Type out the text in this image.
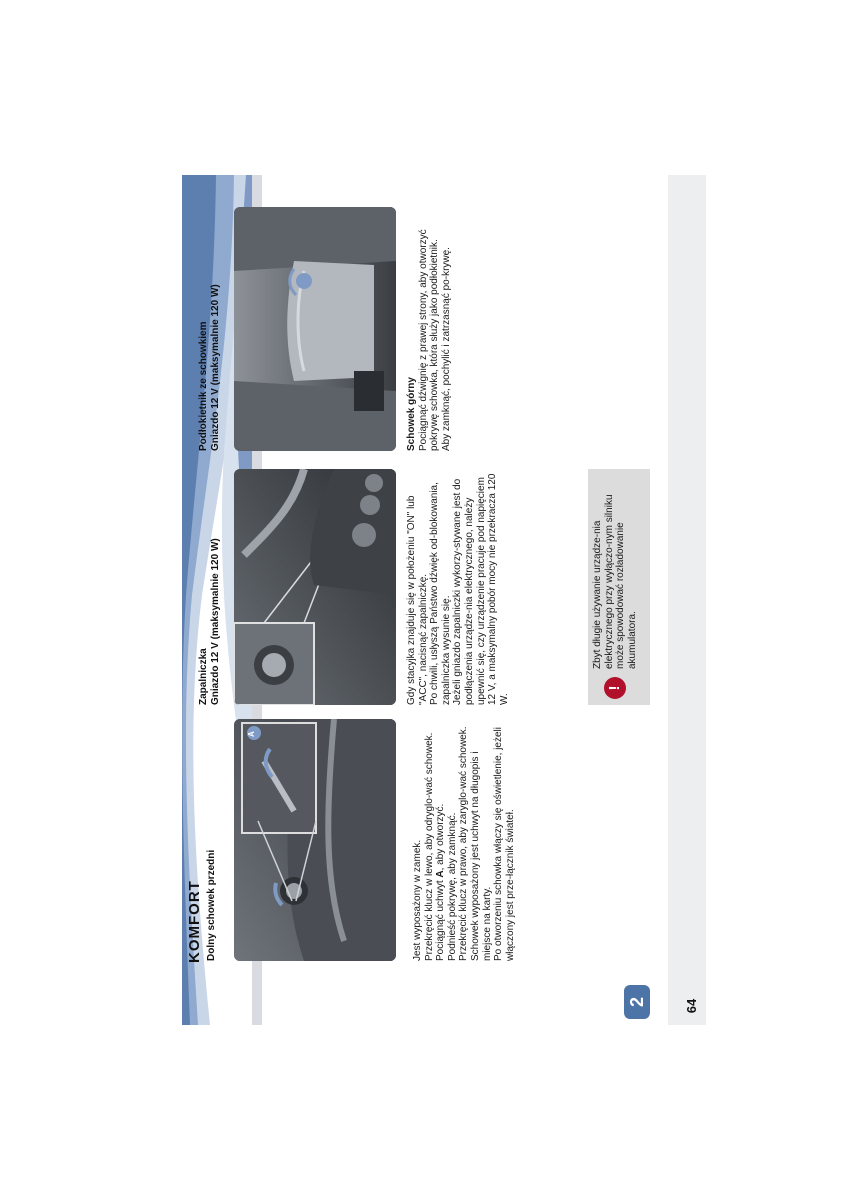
KOMFORT Dolny schowek przedni
A

Jest wyposażony w zamek. Przekręcić klucz w lewo, aby odryglo-wać schowek. Pociągnąć uchwyt A, aby otworzyć. Podnieść pokrywę, aby zamknąć. Przekręcić klucz w prawo, aby zaryglo-wać schowek. Schowek wyposażony jest uchwyt na długopis i miejsce na karty. Po otworzeniu schowka włączy się oświetlenie, jeżeli włączony jest prze-łącznik świateł.

Zapalniczka Gniazdo 12 V (maksymalnie 120 W)	Gdy stacyjka znajduje się w położeniu "ON" lub "ACC", nacisnąć zapalniczkę. Po chwili, usłyszą Państwo dźwięk od-blokowania, zapalniczka wysunie się. Jeżeli gniazdo zapalniczki wykorzy-stywane jest do podłączenia urządze-nia elektrycznego, należy upewnić się, czy urządzenie pracuje pod napięciem 12 V, a maksymalny pobór mocy nie przekracza 120 W.

!
Zbyt długie używanie urządze-nia elektrycznego przy wyłączo-nym silniku może spowodować rozładowanie akumulatora.
Podłokietnik ze schowkiem Gniazdo 12 V (maksymalnie 120 W)	Schowek górny Pociągnąć dźwignię z prawej strony, aby otworzyć pokrywę schowka, która służy jako podłokietnik. Aby zamknąć, pochylić i zatrzasnąć po-krywę.

2	64
